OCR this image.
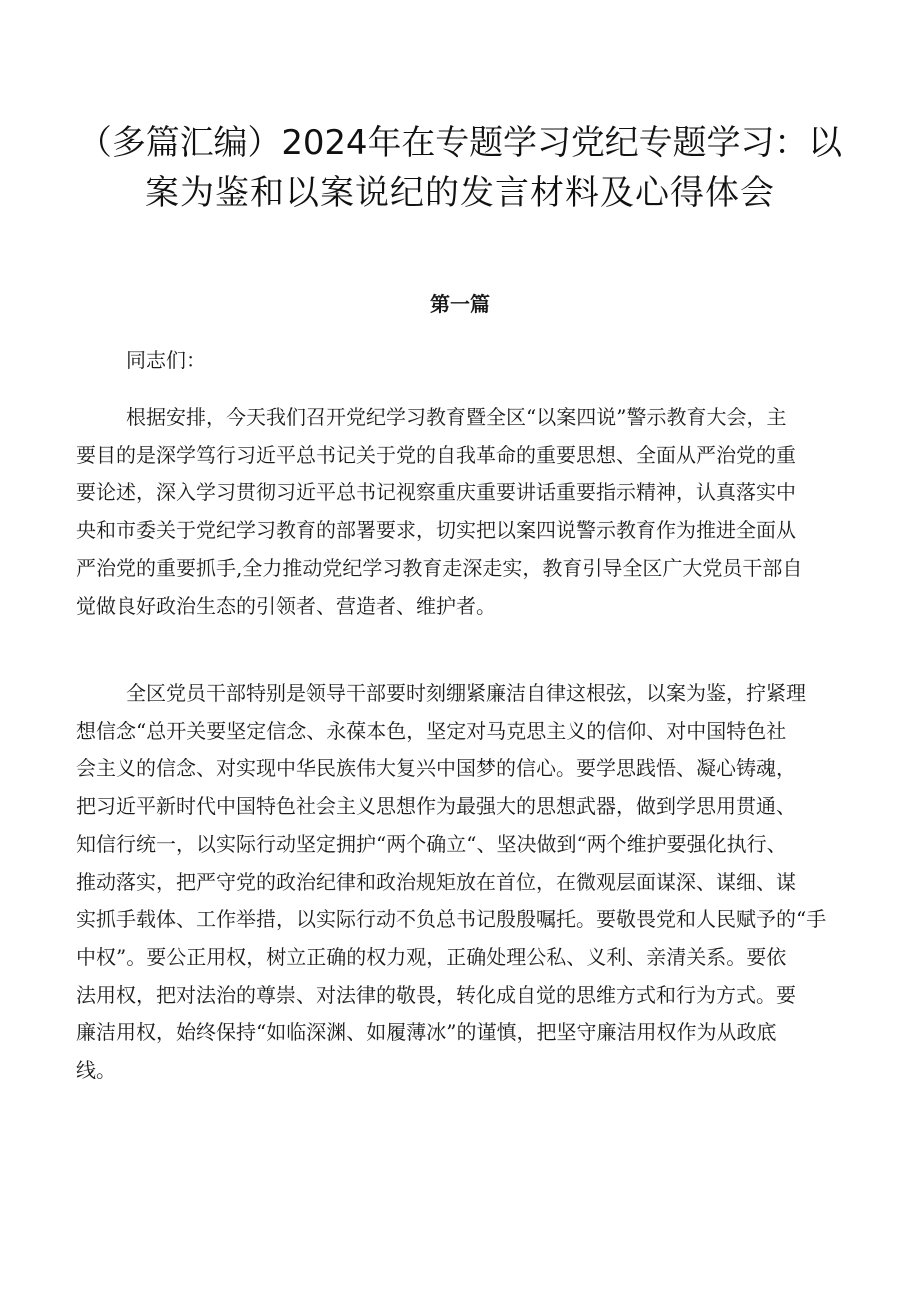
（多篇汇编）2024年在专题学习党纪专题学习：以
案为鉴和以案说纪的发言材料及心得体会
第一篇

同志们：

根据安排，今天我们召开党纪学习教育暨全区“以案四说”警示教育大会，主
要目的是深学笃行习近平总书记关于党的自我革命的重要思想、全面从严治党的重
要论述，深入学习贯彻习近平总书记视察重庆重要讲话重要指示精神，认真落实中
央和市委关于党纪学习教育的部署要求，切实把以案四说警示教育作为推进全面从
严治党的重要抓手,全力推动党纪学习教育走深走实，教育引导全区广大党员干部自
觉做良好政治生态的引领者、营造者、维护者。

全区党员干部特别是领导干部要时刻绷紧廉洁自律这根弦，以案为鉴，拧紧理
想信念“总开关要坚定信念、永葆本色，坚定对马克思主义的信仰、对中国特色社
会主义的信念、对实现中华民族伟大复兴中国梦的信心。要学思践悟、凝心铸魂，
把习近平新时代中国特色社会主义思想作为最强大的思想武器，做到学思用贯通、
知信行统一，以实际行动坚定拥护“两个确立“、坚决做到“两个维护要强化执行、
推动落实，把严守党的政治纪律和政治规矩放在首位，在微观层面谋深、谋细、谋
实抓手载体、工作举措，以实际行动不负总书记殷殷嘱托。要敬畏党和人民赋予的“手
中权”。要公正用权，树立正确的权力观，正确处理公私、义利、亲清关系。要依
法用权，把对法治的尊崇、对法律的敬畏，转化成自觉的思维方式和行为方式。要
廉洁用权，始终保持“如临深渊、如履薄冰”的谨慎，把坚守廉洁用权作为从政底
线。
